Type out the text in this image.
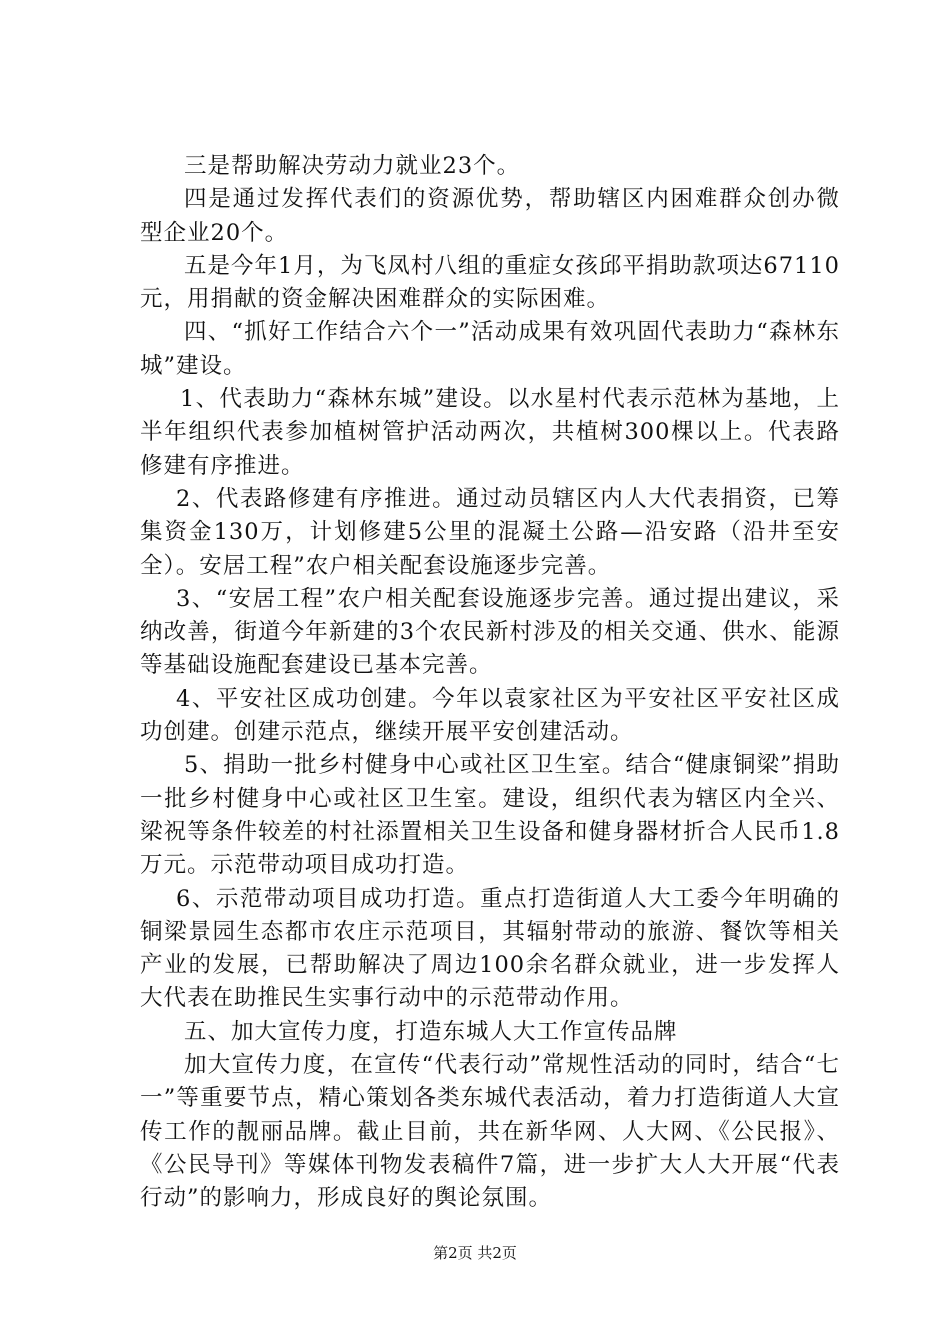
三是帮助解决劳动力就业23个。

四是通过发挥代表们的资源优势，帮助辖区内困难群众创办微型企业20个。

五是今年1月，为飞凤村八组的重症女孩邱平捐助款项达67110元，用捐献的资金解决困难群众的实际困难。

四、“抓好工作结合六个一”活动成果有效巩固代表助力“森林东城”建设。

1、代表助力“森林东城”建设。以水星村代表示范林为基地，上半年组织代表参加植树管护活动两次，共植树300棵以上。代表路修建有序推进。

2、代表路修建有序推进。通过动员辖区内人大代表捐资，已筹集资金130万，计划修建5公里的混凝土公路—沿安路（沿井至安全）。安居工程”农户相关配套设施逐步完善。

3、“安居工程”农户相关配套设施逐步完善。通过提出建议，采纳改善，街道今年新建的3个农民新村涉及的相关交通、供水、能源等基础设施配套建设已基本完善。

4、平安社区成功创建。今年以袁家社区为平安社区平安社区成功创建。创建示范点，继续开展平安创建活动。

5、捐助一批乡村健身中心或社区卫生室。结合“健康铜梁”捐助一批乡村健身中心或社区卫生室。建设，组织代表为辖区内全兴、梁祝等条件较差的村社添置相关卫生设备和健身器材折合人民币1.8万元。示范带动项目成功打造。

6、示范带动项目成功打造。重点打造街道人大工委今年明确的铜梁景园生态都市农庄示范项目，其辐射带动的旅游、餐饮等相关产业的发展，已帮助解决了周边100余名群众就业，进一步发挥人大代表在助推民生实事行动中的示范带动作用。

五、加大宣传力度，打造东城人大工作宣传品牌

加大宣传力度，在宣传“代表行动”常规性活动的同时，结合“七一”等重要节点，精心策划各类东城代表活动，着力打造街道人大宣传工作的靓丽品牌。截止目前，共在新华网、人大网、《公民报》、《公民导刊》等媒体刊物发表稿件7篇，进一步扩大人大开展“代表行动”的影响力，形成良好的舆论氛围。

第2页 共2页
